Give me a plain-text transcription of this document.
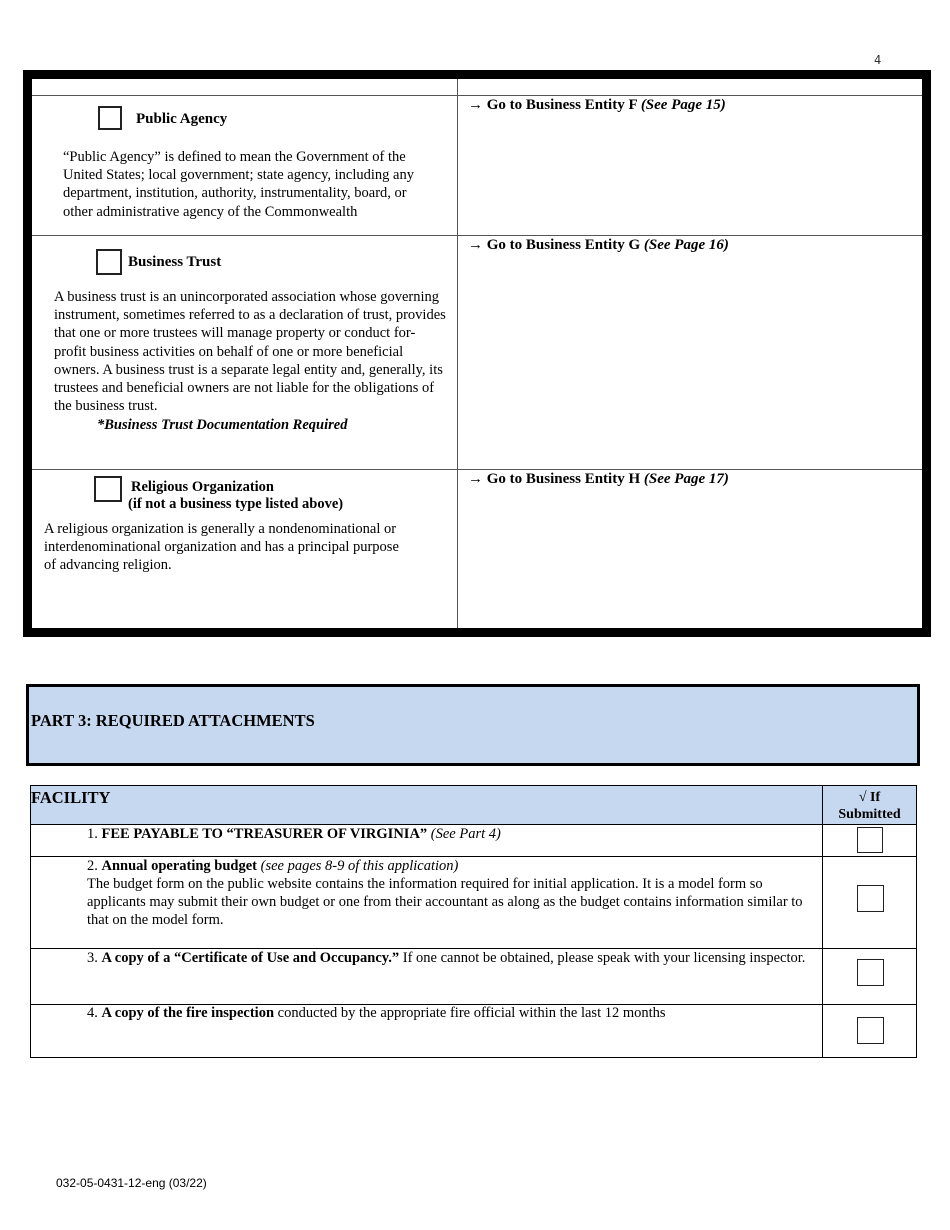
4
Public Agency
“Public Agency” is defined to mean the Government of the United States; local government; state agency, including any department, institution, authority, instrumentality, board, or other administrative agency of the Commonwealth
→ Go to Business Entity F (See Page 15)
Business Trust
A business trust is an unincorporated association whose governing instrument, sometimes referred to as a declaration of trust, provides that one or more trustees will manage property or conduct for-profit business activities on behalf of one or more beneficial owners. A business trust is a separate legal entity and, generally, its trustees and beneficial owners are not liable for the obligations of the business trust.
*Business Trust Documentation Required
→ Go to Business Entity G (See Page 16)
Religious Organization
(if not a business type listed above)
A religious organization is generally a nondenominational or interdenominational organization and has a principal purpose of advancing religion.
→ Go to Business Entity H (See Page 17)
PART 3: REQUIRED ATTACHMENTS
FACILITY	√ If
Submitted
1. FEE PAYABLE TO “TREASURER OF VIRGINIA” (See Part 4)
2. Annual operating budget (see pages 8-9 of this application)
The budget form on the public website contains the information required for initial application. It is a model form so applicants may submit their own budget or one from their accountant as along as the budget contains information similar to that on the model form.
3. A copy of a “Certificate of Use and Occupancy.” If one cannot be obtained, please speak with your licensing inspector.
4. A copy of the fire inspection conducted by the appropriate fire official within the last 12 months
032-05-0431-12-eng (03/22)
